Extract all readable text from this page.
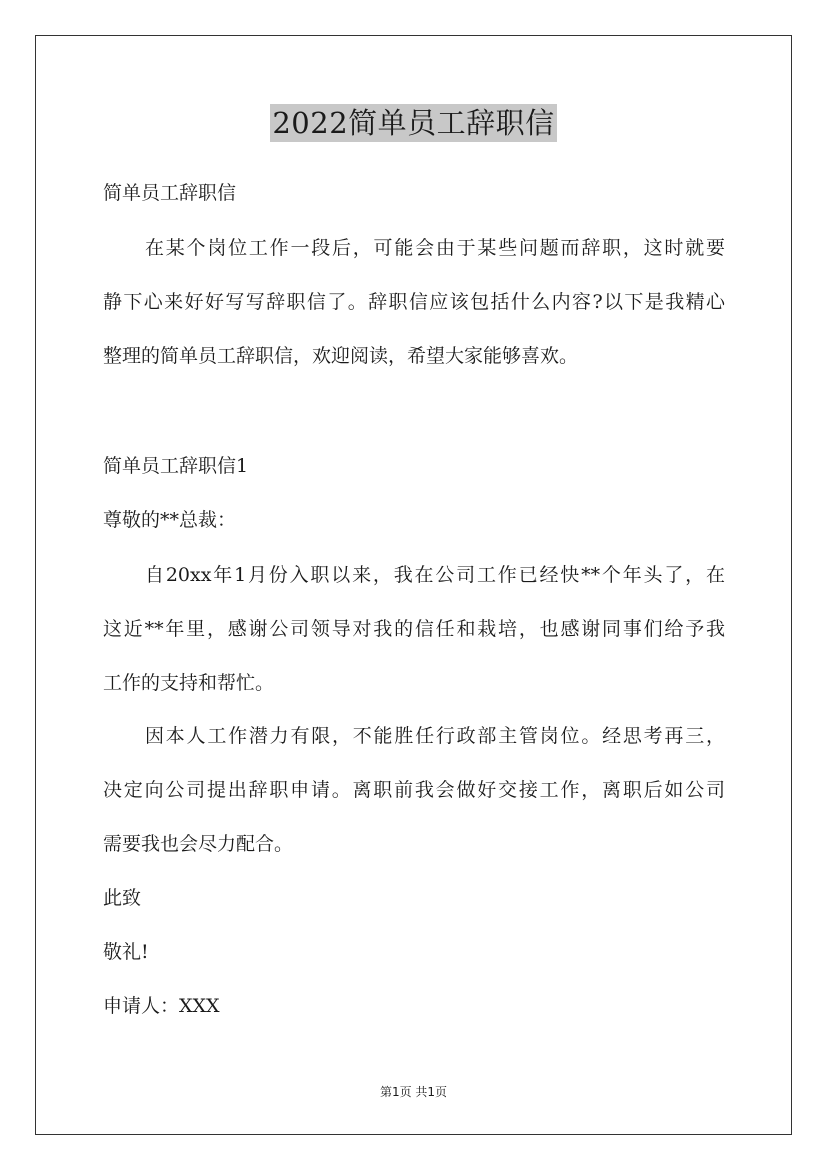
2022简单员工辞职信
简单员工辞职信
在某个岗位工作一段后，可能会由于某些问题而辞职，这时就要
静下心来好好写写辞职信了。辞职信应该包括什么内容?以下是我精心
整理的简单员工辞职信，欢迎阅读，希望大家能够喜欢。
简单员工辞职信1
尊敬的**总裁：
自20xx年1月份入职以来，我在公司工作已经快**个年头了，在
这近**年里，感谢公司领导对我的信任和栽培，也感谢同事们给予我
工作的支持和帮忙。
因本人工作潜力有限，不能胜任行政部主管岗位。经思考再三，
决定向公司提出辞职申请。离职前我会做好交接工作，离职后如公司
需要我也会尽力配合。
此致
敬礼!
申请人：XXX
第1页 共1页
